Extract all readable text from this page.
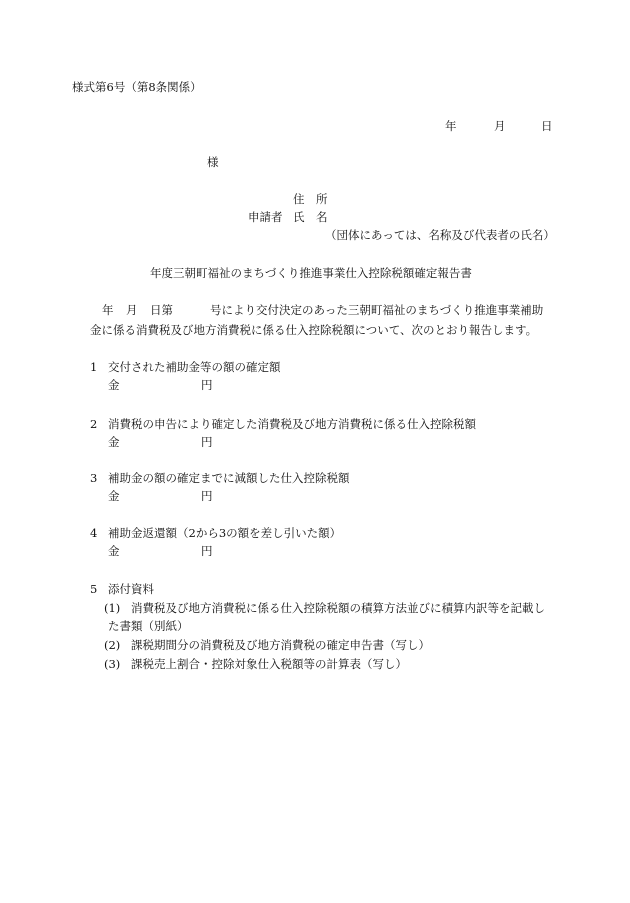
様式第6号（第8条関係）
年	月	日
様
住　所
申請者 氏　名
（団体にあっては、名称及び代表者の氏名）
年度三朝町福祉のまちづくり推進事業仕入控除税額確定報告書
年 月 日第	号により交付決定のあった三朝町福祉のまちづくり推進事業補助
金に係る消費税及び地方消費税に係る仕入控除税額について、次のとおり報告します。
1 交付された補助金等の額の確定額
金	円
2 消費税の申告により確定した消費税及び地方消費税に係る仕入控除税額
金	円
3 補助金の額の確定までに減額した仕入控除税額
金	円
4 補助金返還額（2から3の額を差し引いた額）
金	円
5 添付資料
(1) 消費税及び地方消費税に係る仕入控除税額の積算方法並びに積算内訳等を記載し
た書類（別紙）
(2) 課税期間分の消費税及び地方消費税の確定申告書（写し）
(3) 課税売上割合・控除対象仕入税額等の計算表（写し）
